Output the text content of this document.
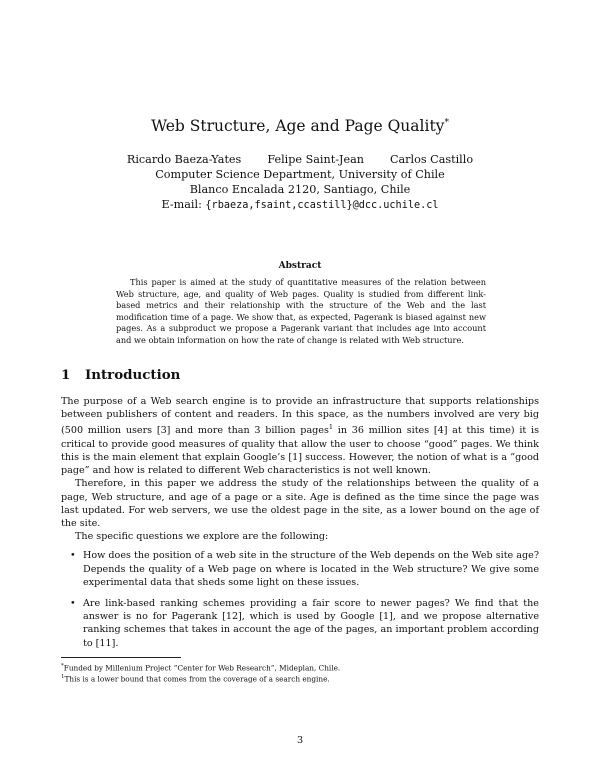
Web Structure, Age and Page Quality*
Ricardo Baeza-Yates Felipe Saint-Jean Carlos Castillo
Computer Science Department, University of Chile
Blanco Encalada 2120, Santiago, Chile
E-mail: {rbaeza,fsaint,ccastill}@dcc.uchile.cl
Abstract
This paper is aimed at the study of quantitative measures of the relation between Web structure, age, and quality of Web pages. Quality is studied from different link-based metrics and their relationship with the structure of the Web and the last modification time of a page. We show that, as expected, Pagerank is biased against new pages. As a subproduct we propose a Pagerank variant that includes age into account and we obtain information on how the rate of change is related with Web structure.
1 Introduction

The purpose of a Web search engine is to provide an infrastructure that supports relationships between publishers of content and readers. In this space, as the numbers involved are very big (500 million users [3] and more than 3 billion pages$^1$ in 36 million sites [4] at this time) it is critical to provide good measures of quality that allow the user to choose “good” pages. We think this is the main element that explain Google’s [1] success. However, the notion of what is a ”good page” and how is related to different Web characteristics is not well known.

Therefore, in this paper we address the study of the relationships between the quality of a page, Web structure, and age of a page or a site. Age is defined as the time since the page was last updated. For web servers, we use the oldest page in the site, as a lower bound on the age of the site.

The specific questions we explore are the following:

• How does the position of a web site in the structure of the Web depends on the Web site age? Depends the quality of a Web page on where is located in the Web structure? We give some experimental data that sheds some light on these issues.
• Are link-based ranking schemes providing a fair score to newer pages? We find that the answer is no for Pagerank [12], which is used by Google [1], and we propose alternative ranking schemes that takes in account the age of the pages, an important problem according to [11].
*Funded by Millenium Project ”Center for Web Research”, Mideplan, Chile.
$^1$This is a lower bound that comes from the coverage of a search engine.
3
